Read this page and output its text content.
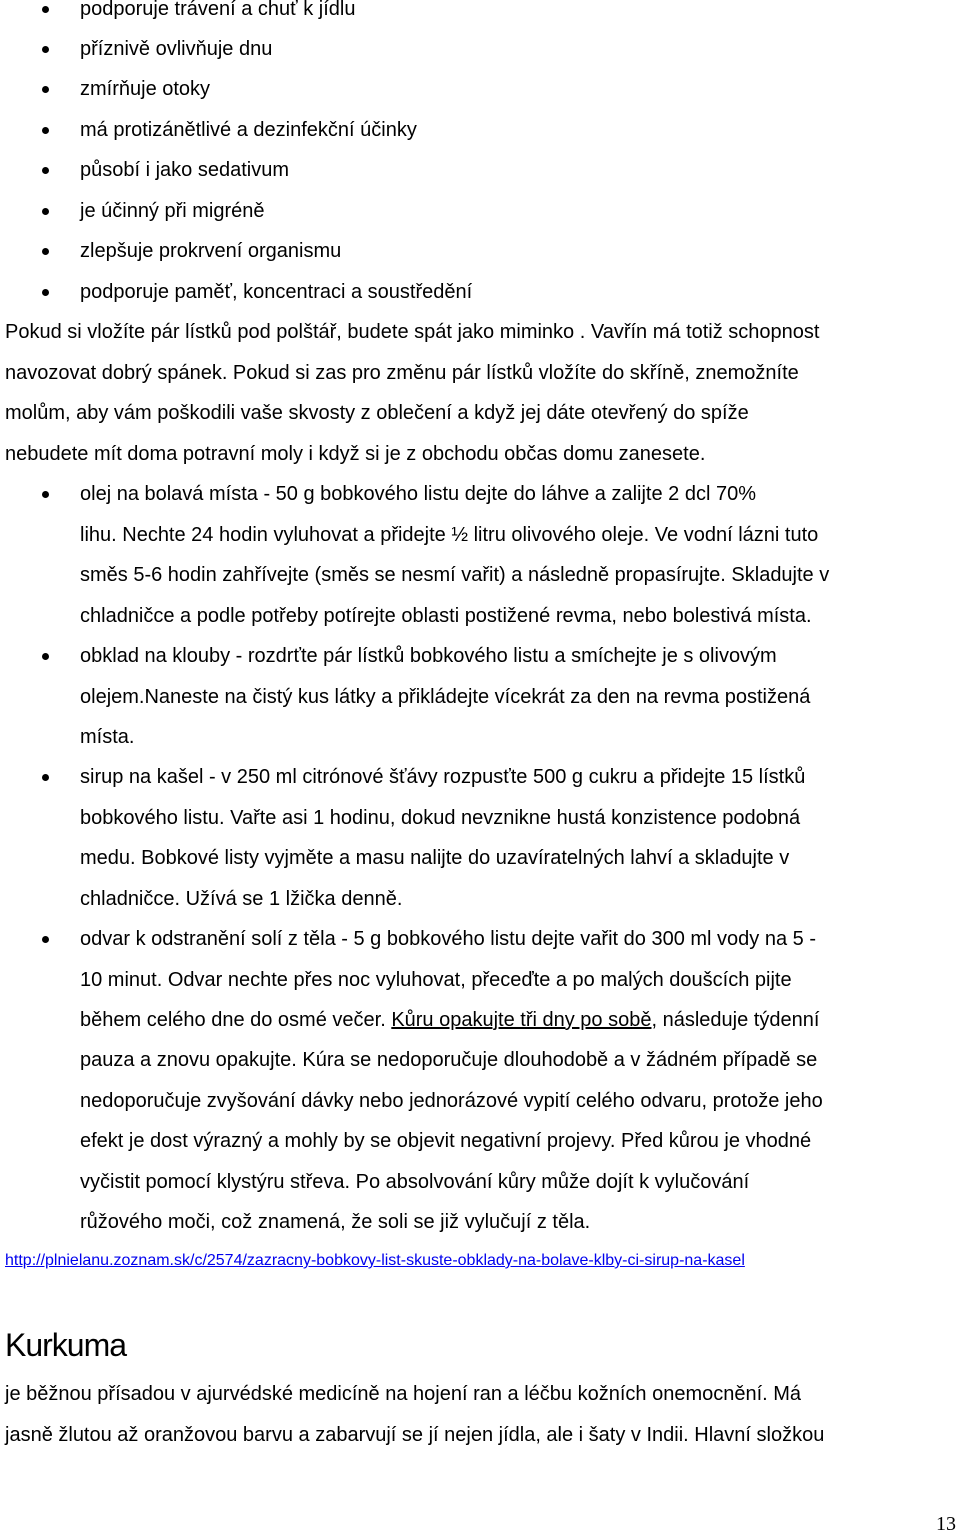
podporuje trávení a chuť k jídlu
příznivě ovlivňuje dnu
zmírňuje otoky
má protizánětlivé a dezinfekční účinky
působí i jako sedativum
je účinný při migréně
zlepšuje prokrvení organismu
podporuje paměť, koncentraci a soustředění
Pokud si vložíte pár lístků pod polštář, budete spát jako miminko . Vavřín má totiž schopnost
navozovat dobrý spánek. Pokud si zas pro změnu pár lístků vložíte do skříně, znemožníte
molům, aby vám poškodili vaše skvosty z oblečení a když jej dáte otevřený do spíže
nebudete mít doma potravní moly i když si je z obchodu občas domu zanesete.
olej na bolavá místa - 50 g bobkového listu dejte do láhve a zalijte 2 dcl 70%
lihu. Nechte 24 hodin vyluhovat a přidejte ½ litru olivového oleje. Ve vodní lázni tuto
směs 5-6 hodin zahřívejte (směs se nesmí vařit) a následně propasírujte. Skladujte v
chladničce a podle potřeby potírejte oblasti postižené revma, nebo bolestivá místa.
obklad na klouby - rozdrťte pár lístků bobkového listu a smíchejte je s olivovým
olejem.Naneste na čistý kus látky a přikládejte vícekrát za den na revma postižená
místa.
sirup na kašel - v 250 ml citrónové šťávy rozpusťte 500 g cukru a přidejte 15 lístků
bobkového listu. Vařte asi 1 hodinu, dokud nevznikne hustá konzistence podobná
medu. Bobkové listy vyjměte a masu nalijte do uzavíratelných lahví a skladujte v
chladničce. Užívá se 1 lžička denně.
odvar k odstranění solí z těla - 5 g bobkového listu dejte vařit do 300 ml vody na 5 -
10 minut. Odvar nechte přes noc vyluhovat, přeceďte a po malých doušcích pijte
během celého dne do osmé večer. Kůru opakujte tři dny po sobě, následuje týdenní
pauza a znovu opakujte. Kúra se nedoporučuje dlouhodobě a v žádném případě se
nedoporučuje zvyšování dávky nebo jednorázové vypití celého odvaru, protože jeho
efekt je dost výrazný a mohly by se objevit negativní projevy. Před kůrou je vhodné
vyčistit pomocí klystýru střeva. Po absolvování kůry může dojít k vylučování
růžového moči, což znamená, že soli se již vylučují z těla.
http://plnielanu.zoznam.sk/c/2574/zazracny-bobkovy-list-skuste-obklady-na-bolave-klby-ci-sirup-na-kasel
Kurkuma
je běžnou přísadou v ajurvédské medicíně na hojení ran a léčbu kožních onemocnění. Má
jasně žlutou až oranžovou barvu a zabarvují se jí nejen jídla, ale i šaty v Indii. Hlavní složkou
13
